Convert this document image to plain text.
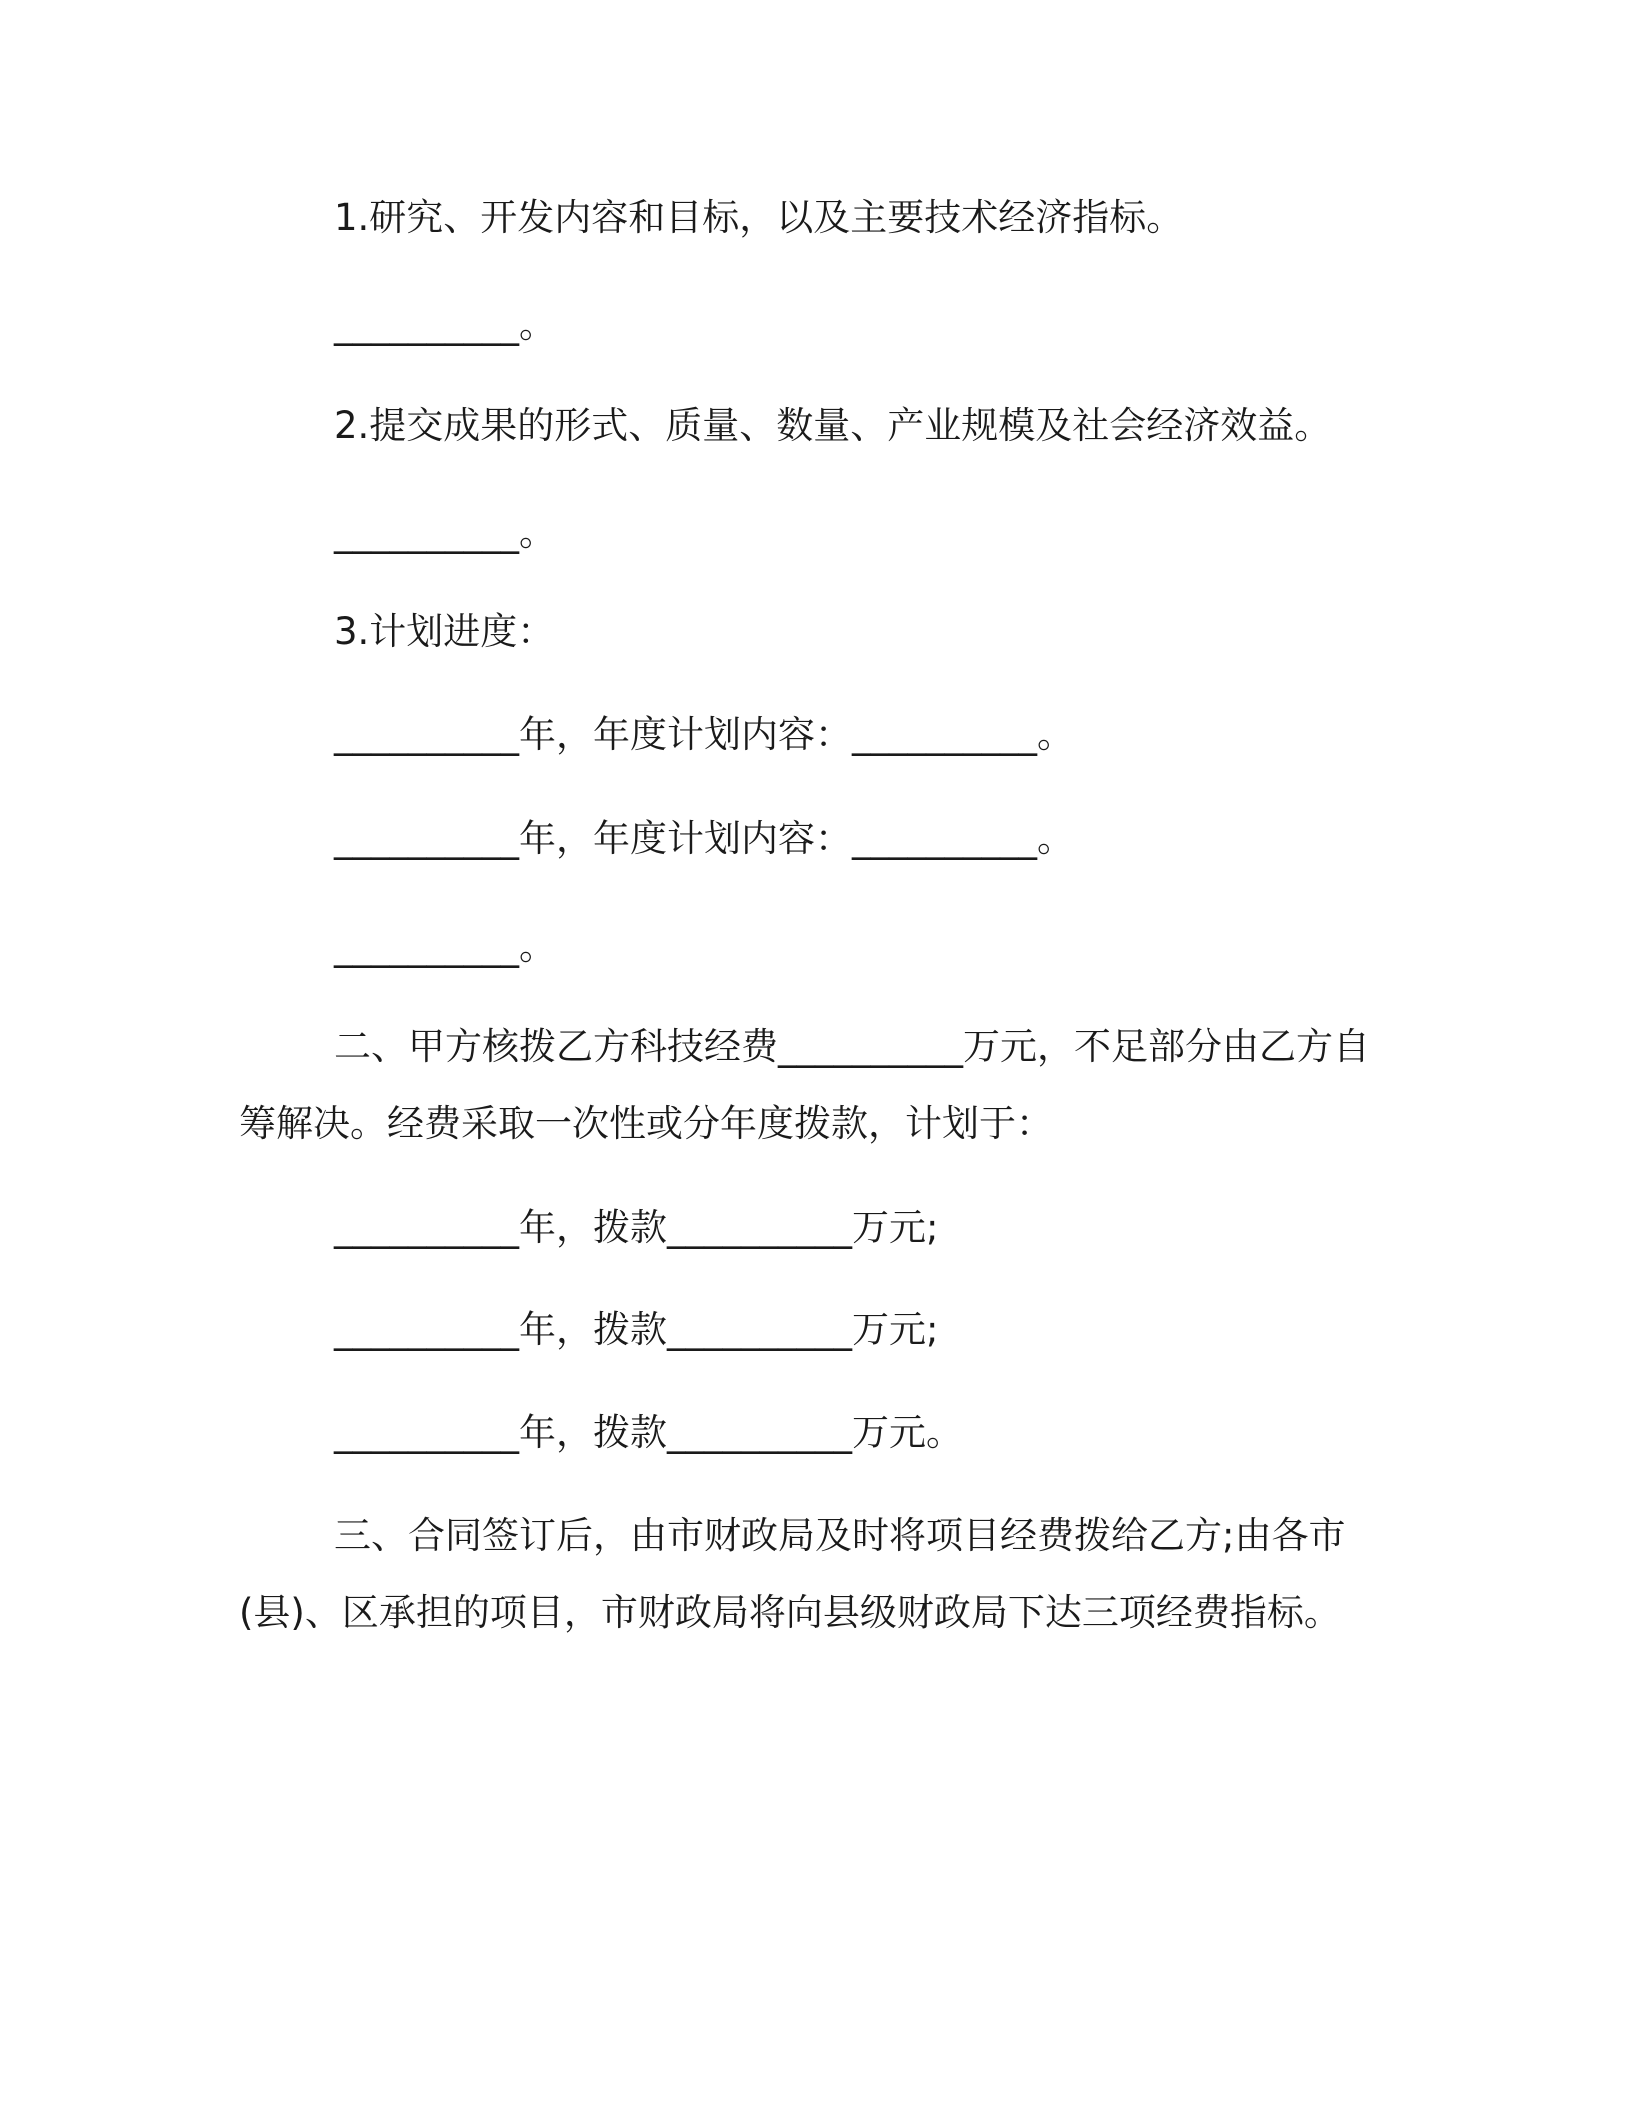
1.研究、开发内容和目标，以及主要技术经济指标。
__________。
2.提交成果的形式、质量、数量、产业规模及社会经济效益。
__________。
3.计划进度：
__________年，年度计划内容：__________。
__________年，年度计划内容：__________。
__________。
二、甲方核拨乙方科技经费__________万元，不足部分由乙方自
筹解决。经费采取一次性或分年度拨款，计划于：
__________年，拨款__________万元;
__________年，拨款__________万元;
__________年，拨款__________万元。
三、合同签订后，由市财政局及时将项目经费拨给乙方;由各市
(县)、区承担的项目，市财政局将向县级财政局下达三项经费指标。
